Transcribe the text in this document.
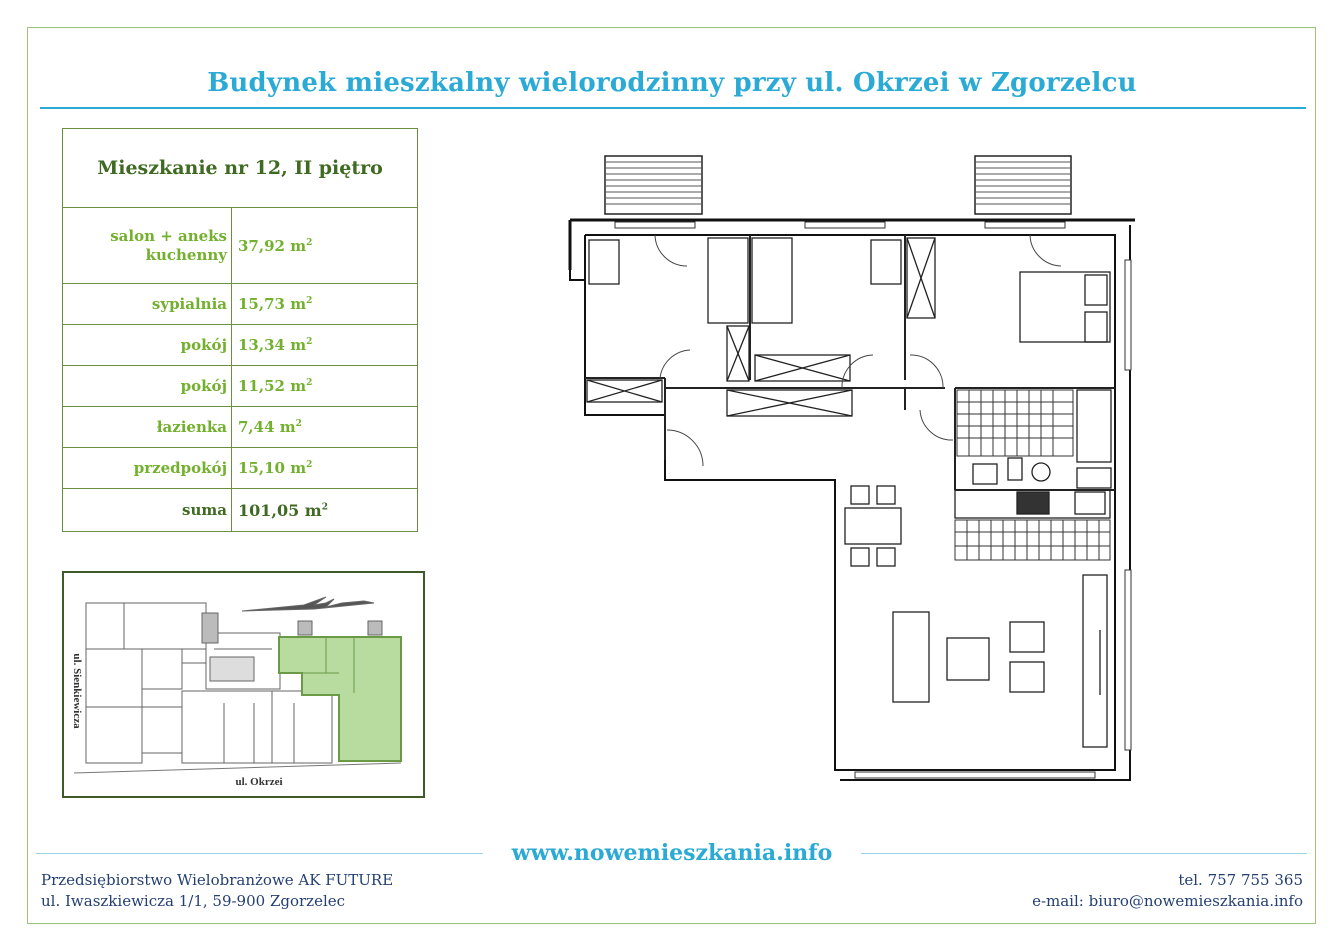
Budynek mieszkalny wielorodzinny przy ul. Okrzei w Zgorzelcu
Mieszkanie nr 12, II piętro	
salon + aneks kuchenny	37,92 $m^2$
sypialnia	15,73 $m^2$
pokój	13,34 $m^2$
pokój	11,52 $m^2$
łazienka	7,44 $m^2$
przedpokój	15,10 $m^2$
suma	101,05 $m^2$
ul. Sienkiewicza
ul. Okrzei
www.nowemieszkania.info
Przedsiębiorstwo Wielobranżowe AK FUTURE
ul. Iwaszkiewicza 1/1, 59-900 Zgorzelec
tel. 757 755 365
e-mail: biuro@nowemieszkania.info
